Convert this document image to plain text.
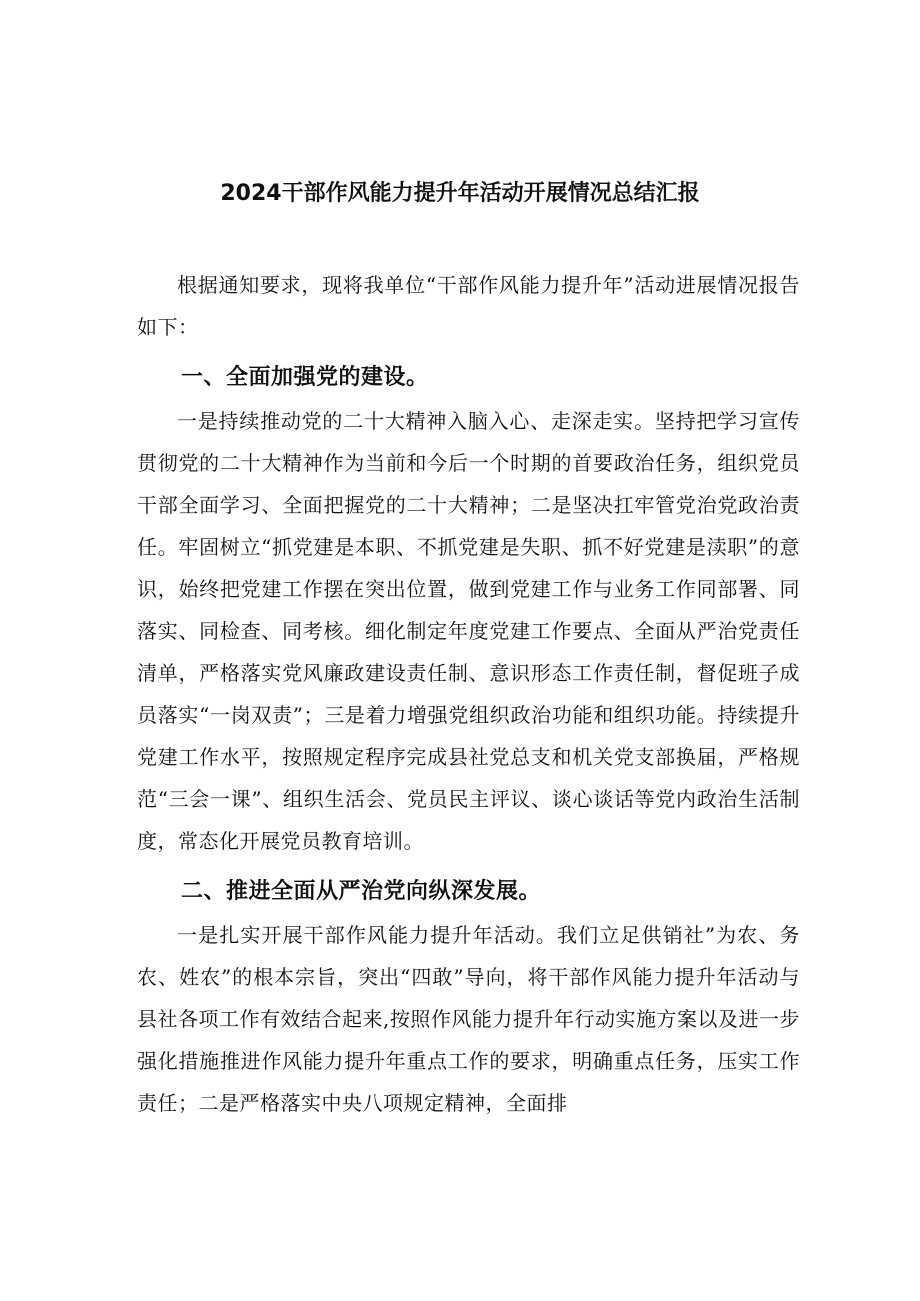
2024干部作风能力提升年活动开展情况总结汇报

根据通知要求，现将我单位“干部作风能力提升年”活动进展情况报告如下：

一、全面加强党的建设。

一是持续推动党的二十大精神入脑入心、走深走实。坚持把学习宣传贯彻党的二十大精神作为当前和今后一个时期的首要政治任务，组织党员干部全面学习、全面把握党的二十大精神；二是坚决扛牢管党治党政治责任。牢固树立“抓党建是本职、不抓党建是失职、抓不好党建是渎职”的意识，始终把党建工作摆在突出位置，做到党建工作与业务工作同部署、同落实、同检查、同考核。细化制定年度党建工作要点、全面从严治党责任清单，严格落实党风廉政建设责任制、意识形态工作责任制，督促班子成员落实“一岗双责”；三是着力增强党组织政治功能和组织功能。持续提升党建工作水平，按照规定程序完成县社党总支和机关党支部换届，严格规范“三会一课”、组织生活会、党员民主评议、谈心谈话等党内政治生活制度，常态化开展党员教育培训。

二、推进全面从严治党向纵深发展。

一是扎实开展干部作风能力提升年活动。我们立足供销社”为农、务农、姓农”的根本宗旨，突出“四敢”导向，将干部作风能力提升年活动与县社各项工作有效结合起来,按照作风能力提升年行动实施方案以及进一步强化措施推进作风能力提升年重点工作的要求，明确重点任务，压实工作责任；二是严格落实中央八项规定精神，全面排
